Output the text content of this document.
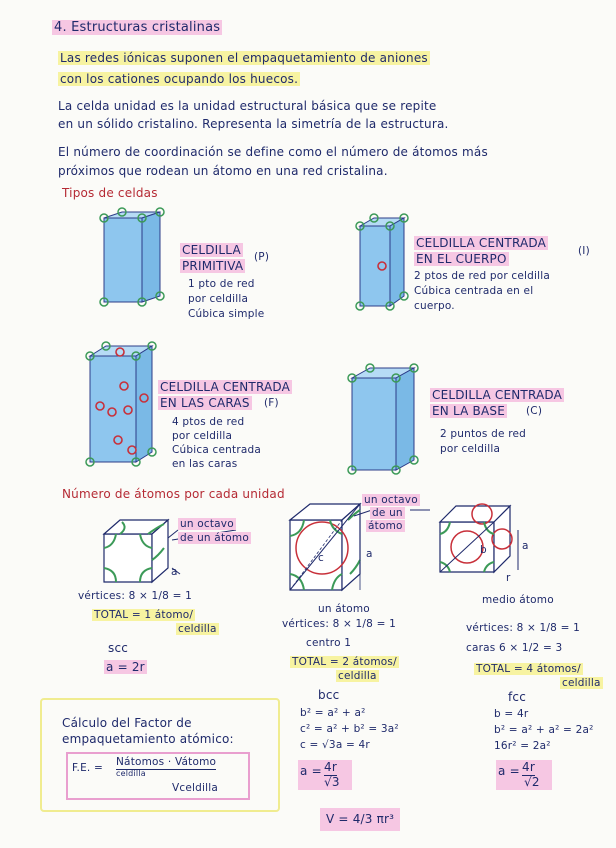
4. Estructuras cristalinas
Las redes iónicas suponen el empaquetamiento de aniones
con los cationes ocupando los huecos.
La celda unidad es la unidad estructural básica que se repite
en un sólido cristalino. Representa la simetría de la estructura.
El número de coordinación se define como el número de átomos más
próximos que rodean un átomo en una red cristalina.
Tipos de celdas
CELDILLA
PRIMITIVA
(P)
1 pto de red
por celdilla
Cúbica simple
CELDILLA CENTRADA
EN EL CUERPO
(I)
2 ptos de red por celdilla
Cúbica centrada en el
cuerpo.
CELDILLA CENTRADA
EN LAS CARAS (F)
4 ptos de red
por celdilla
Cúbica centrada
en las caras
CELDILLA CENTRADA
EN LA BASE (C)
2 puntos de red
por celdilla
Número de átomos por cada unidad
un octavo
de un átomo
un octavo
de un
átomo
a
a
c
a
b
r
vértices: 8 × 1/8 = 1
TOTAL = 1 átomo/
celdilla
scc
a = 2r
un átomo
vértices: 8 × 1/8 = 1
centro 1
TOTAL = 2 átomos/
celdilla
bcc
b² = a² + a²
c² = a² + b² = 3a²
c = √3a = 4r
a = 4r
√3
medio átomo
vértices: 8 × 1/8 = 1
caras 6 × 1/2 = 3
TOTAL = 4 átomos/
celdilla
fcc
b = 4r
b² = a² + a² = 2a²
16r² = 2a²
a = 4r
√2
Cálculo del Factor de
empaquetamiento atómico:
F.E. = Nátomos · Vátomo
celdilla
Vceldilla
V = 4/3 πr³
